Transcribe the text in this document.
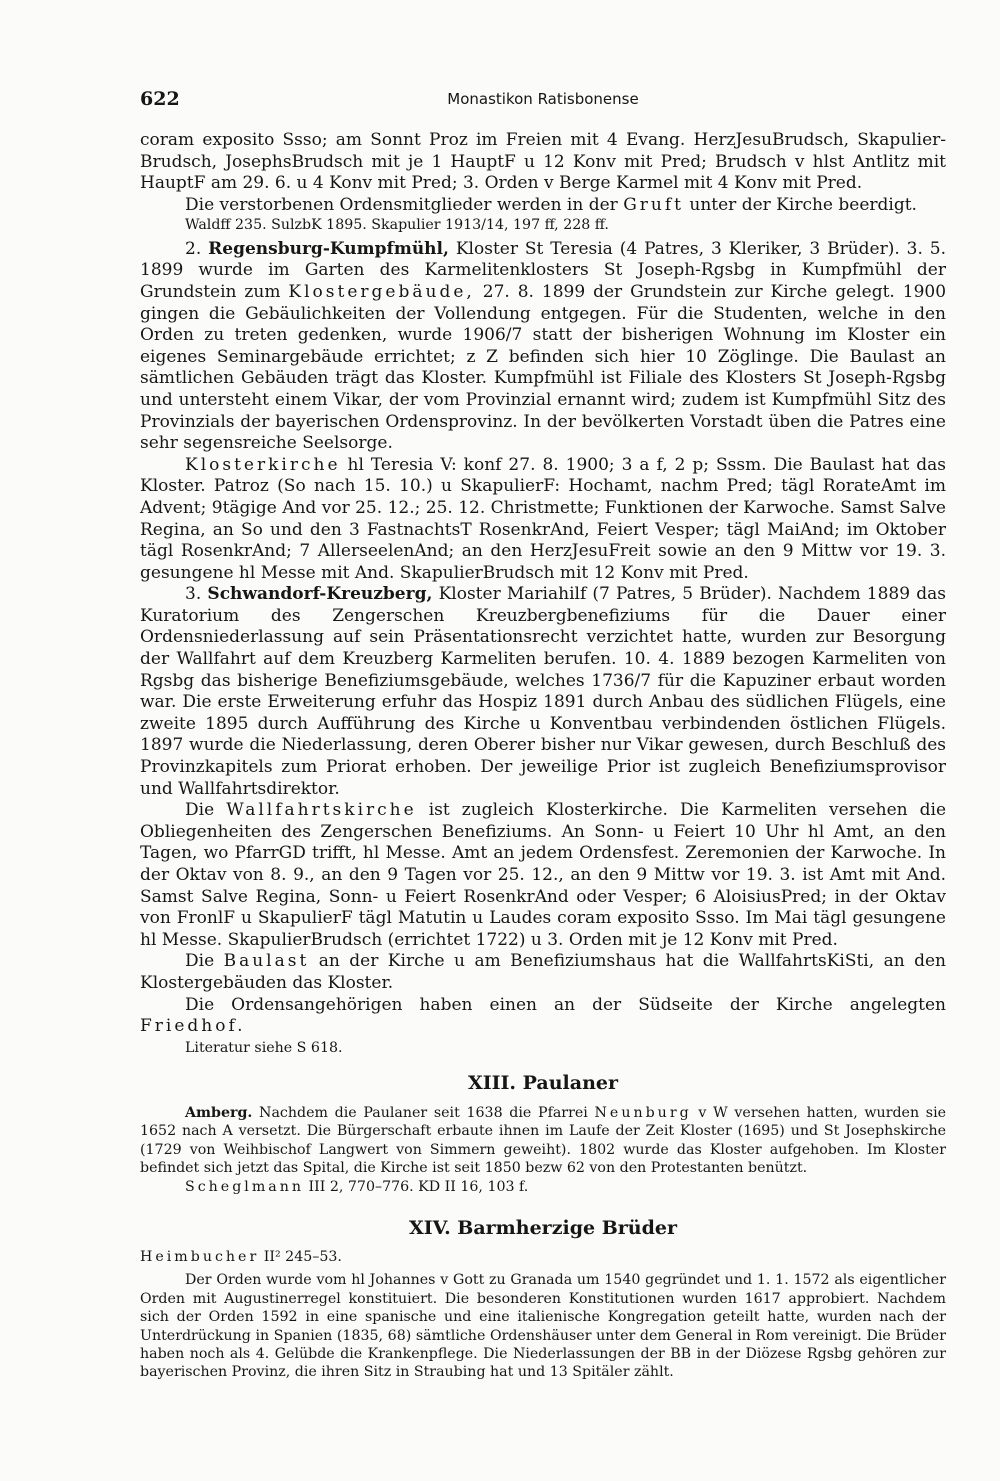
622	Monastikon Ratisbonense

coram exposito Ssso; am Sonnt Proz im Freien mit 4 Evang. HerzJesuBrudsch, Skapulier-Brudsch, JosephsBrudsch mit je 1 HauptF u 12 Konv mit Pred; Brudsch v hlst Antlitz mit HauptF am 29. 6. u 4 Konv mit Pred; 3. Orden v Berge Karmel mit 4 Konv mit Pred.

Die verstorbenen Ordensmitglieder werden in der Gruft unter der Kirche beerdigt.

Waldff 235. SulzbK 1895. Skapulier 1913/14, 197 ff, 228 ff.

2. Regensburg-Kumpfmühl, Kloster St Teresia (4 Patres, 3 Kleriker, 3 Brüder). 3. 5. 1899 wurde im Garten des Karmelitenklosters St Joseph-Rgsbg in Kumpfmühl der Grundstein zum Klostergebäude, 27. 8. 1899 der Grundstein zur Kirche gelegt. 1900 gingen die Gebäulichkeiten der Vollendung entgegen. Für die Studenten, welche in den Orden zu treten gedenken, wurde 1906/7 statt der bisherigen Wohnung im Kloster ein eigenes Seminargebäude errichtet; z Z befinden sich hier 10 Zöglinge. Die Baulast an sämtlichen Gebäuden trägt das Kloster. Kumpfmühl ist Filiale des Klosters St Joseph-Rgsbg und untersteht einem Vikar, der vom Provinzial ernannt wird; zudem ist Kumpfmühl Sitz des Provinzials der bayerischen Ordensprovinz. In der bevölkerten Vorstadt üben die Patres eine sehr segensreiche Seelsorge.

Klosterkirche hl Teresia V: konf 27. 8. 1900; 3 a f, 2 p; Sssm. Die Baulast hat das Kloster. Patroz (So nach 15. 10.) u SkapulierF: Hochamt, nachm Pred; tägl RorateAmt im Advent; 9tägige And vor 25. 12.; 25. 12. Christmette; Funktionen der Karwoche. Samst Salve Regina, an So und den 3 FastnachtsT RosenkrAnd, Feiert Vesper; tägl MaiAnd; im Oktober tägl RosenkrAnd; 7 AllerseelenAnd; an den HerzJesuFreit sowie an den 9 Mittw vor 19. 3. gesungene hl Messe mit And. SkapulierBrudsch mit 12 Konv mit Pred.

3. Schwandorf-Kreuzberg, Kloster Mariahilf (7 Patres, 5 Brüder). Nachdem 1889 das Kuratorium des Zengerschen Kreuzbergbenefiziums für die Dauer einer Ordensniederlassung auf sein Präsentationsrecht verzichtet hatte, wurden zur Besorgung der Wallfahrt auf dem Kreuzberg Karmeliten berufen. 10. 4. 1889 bezogen Karmeliten von Rgsbg das bisherige Benefiziumsgebäude, welches 1736/7 für die Kapuziner erbaut worden war. Die erste Erweiterung erfuhr das Hospiz 1891 durch Anbau des südlichen Flügels, eine zweite 1895 durch Aufführung des Kirche u Konventbau verbindenden östlichen Flügels. 1897 wurde die Niederlassung, deren Oberer bisher nur Vikar gewesen, durch Beschluß des Provinzkapitels zum Priorat erhoben. Der jeweilige Prior ist zugleich Benefiziumsprovisor und Wallfahrtsdirektor.

Die Wallfahrtskirche ist zugleich Klosterkirche. Die Karmeliten versehen die Obliegenheiten des Zengerschen Benefiziums. An Sonn- u Feiert 10 Uhr hl Amt, an den Tagen, wo PfarrGD trifft, hl Messe. Amt an jedem Ordensfest. Zeremonien der Karwoche. In der Oktav von 8. 9., an den 9 Tagen vor 25. 12., an den 9 Mittw vor 19. 3. ist Amt mit And. Samst Salve Regina, Sonn- u Feiert RosenkrAnd oder Vesper; 6 AloisiusPred; in der Oktav von FronlF u SkapulierF tägl Matutin u Laudes coram exposito Ssso. Im Mai tägl gesungene hl Messe. SkapulierBrudsch (errichtet 1722) u 3. Orden mit je 12 Konv mit Pred.

Die Baulast an der Kirche u am Benefiziumshaus hat die WallfahrtsKiSti, an den Klostergebäuden das Kloster.

Die Ordensangehörigen haben einen an der Südseite der Kirche angelegten Friedhof.

Literatur siehe S 618.

XIII. Paulaner

Amberg. Nachdem die Paulaner seit 1638 die Pfarrei Neunburg v W versehen hatten, wurden sie 1652 nach A versetzt. Die Bürgerschaft erbaute ihnen im Laufe der Zeit Kloster (1695) und St Josephskirche (1729 von Weihbischof Langwert von Simmern geweiht). 1802 wurde das Kloster aufgehoben. Im Kloster befindet sich jetzt das Spital, die Kirche ist seit 1850 bezw 62 von den Protestanten benützt.

Scheglmann III 2, 770–776. KD II 16, 103 f.

XIV. Barmherzige Brüder

Heimbucher II² 245–53.

Der Orden wurde vom hl Johannes v Gott zu Granada um 1540 gegründet und 1. 1. 1572 als eigentlicher Orden mit Augustinerregel konstituiert. Die besonderen Konstitutionen wurden 1617 approbiert. Nachdem sich der Orden 1592 in eine spanische und eine italienische Kongregation geteilt hatte, wurden nach der Unterdrückung in Spanien (1835, 68) sämtliche Ordenshäuser unter dem General in Rom vereinigt. Die Brüder haben noch als 4. Gelübde die Krankenpflege. Die Niederlassungen der BB in der Diözese Rgsbg gehören zur bayerischen Provinz, die ihren Sitz in Straubing hat und 13 Spitäler zählt.
